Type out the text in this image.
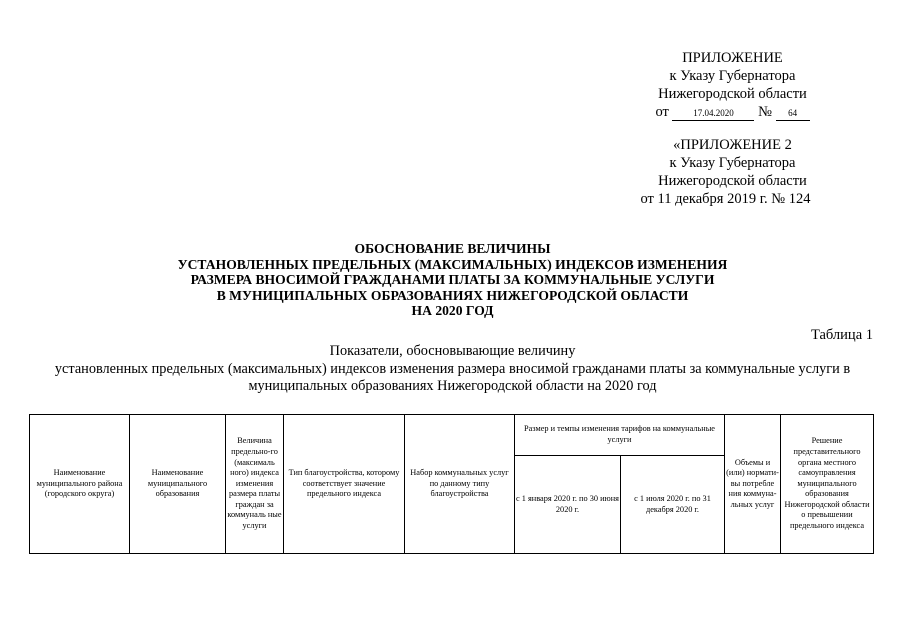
ПРИЛОЖЕНИЕ
к Указу Губернатора
Нижегородской области
от	17.04.2020 № 64
«ПРИЛОЖЕНИЕ 2
к Указу Губернатора
Нижегородской области
от 11 декабря 2019 г. № 124
ОБОСНОВАНИЕ ВЕЛИЧИНЫ
УСТАНОВЛЕННЫХ ПРЕДЕЛЬНЫХ (МАКСИМАЛЬНЫХ) ИНДЕКСОВ ИЗМЕНЕНИЯ
РАЗМЕРА ВНОСИМОЙ ГРАЖДАНАМИ ПЛАТЫ ЗА КОММУНАЛЬНЫЕ УСЛУГИ
В МУНИЦИПАЛЬНЫХ ОБРАЗОВАНИЯХ НИЖЕГОРОДСКОЙ ОБЛАСТИ
НА 2020 ГОД
Таблица 1
Показатели, обосновывающие величину
установленных предельных (максимальных) индексов изменения размера вносимой гражданами платы за коммунальные услуги в
муниципальных образованиях Нижегородской области на 2020 год
Наименование муниципального района (городского округа)	Наименование муниципального образования	Величина предельно-го (максималь ного) индекса изменения размера платы граждан за коммуналь ные услуги	Тип благоустройства, которому соответствует значение предельного индекса	Набор коммунальных услуг по данному типу благоустройства	Размер и темпы изменения тарифов на коммунальные услуги		Объемы и (или) нормати-вы потребле ния коммуна-льных услуг	Решение представительного органа местного самоуправления муниципального образования Нижегородской области о превышении предельного индекса
					с 1 января 2020 г. по 30 июня 2020 г.	с 1 июля 2020 г. по 31 декабря 2020 г.		
